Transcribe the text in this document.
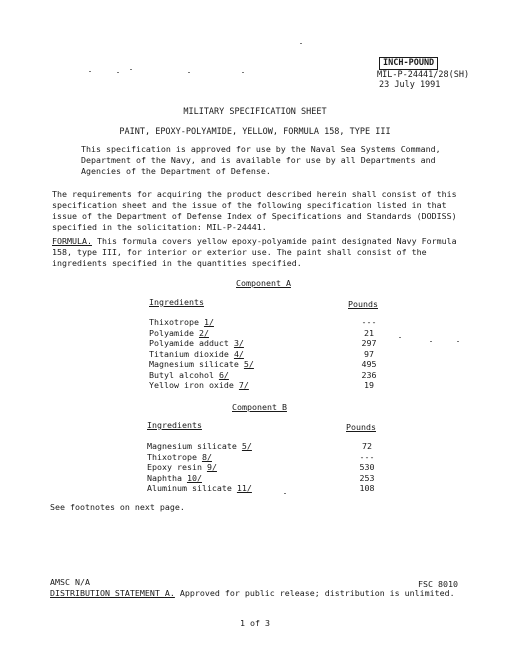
INCH-POUND
MIL-P-24441/28(SH)
23 July 1991
MILITARY SPECIFICATION SHEET
PAINT, EPOXY-POLYAMIDE, YELLOW, FORMULA 158, TYPE III
This specification is approved for use by the Naval Sea Systems Command, Department of the Navy, and is available for use by all Departments and Agencies of the Department of Defense.
The requirements for acquiring the product described herein shall consist of this specification sheet and the issue of the following specification listed in that issue of the Department of Defense Index of Specifications and Standards (DODISS) specified in the solicitation: MIL-P-24441.
FORMULA. This formula covers yellow epoxy-polyamide paint designated Navy Formula 158, type III, for interior or exterior use. The paint shall consist of the ingredients specified in the quantities specified.
Component A
Ingredients	Pounds
Thixotrope 1/	---
Polyamide 2/	21
Polyamide adduct 3/	297
Titanium dioxide 4/	97
Magnesium silicate 5/	495
Butyl alcohol 6/	236
Yellow iron oxide 7/	19
Component B
Ingredients	Pounds
Magnesium silicate 5/	72
Thixotrope 8/	---
Epoxy resin 9/	530
Naphtha 10/	253
Aluminum silicate 11/	108
See footnotes on next page.
AMSC N/A	FSC 8010
DISTRIBUTION STATEMENT A. Approved for public release; distribution is unlimited.
1 of 3
